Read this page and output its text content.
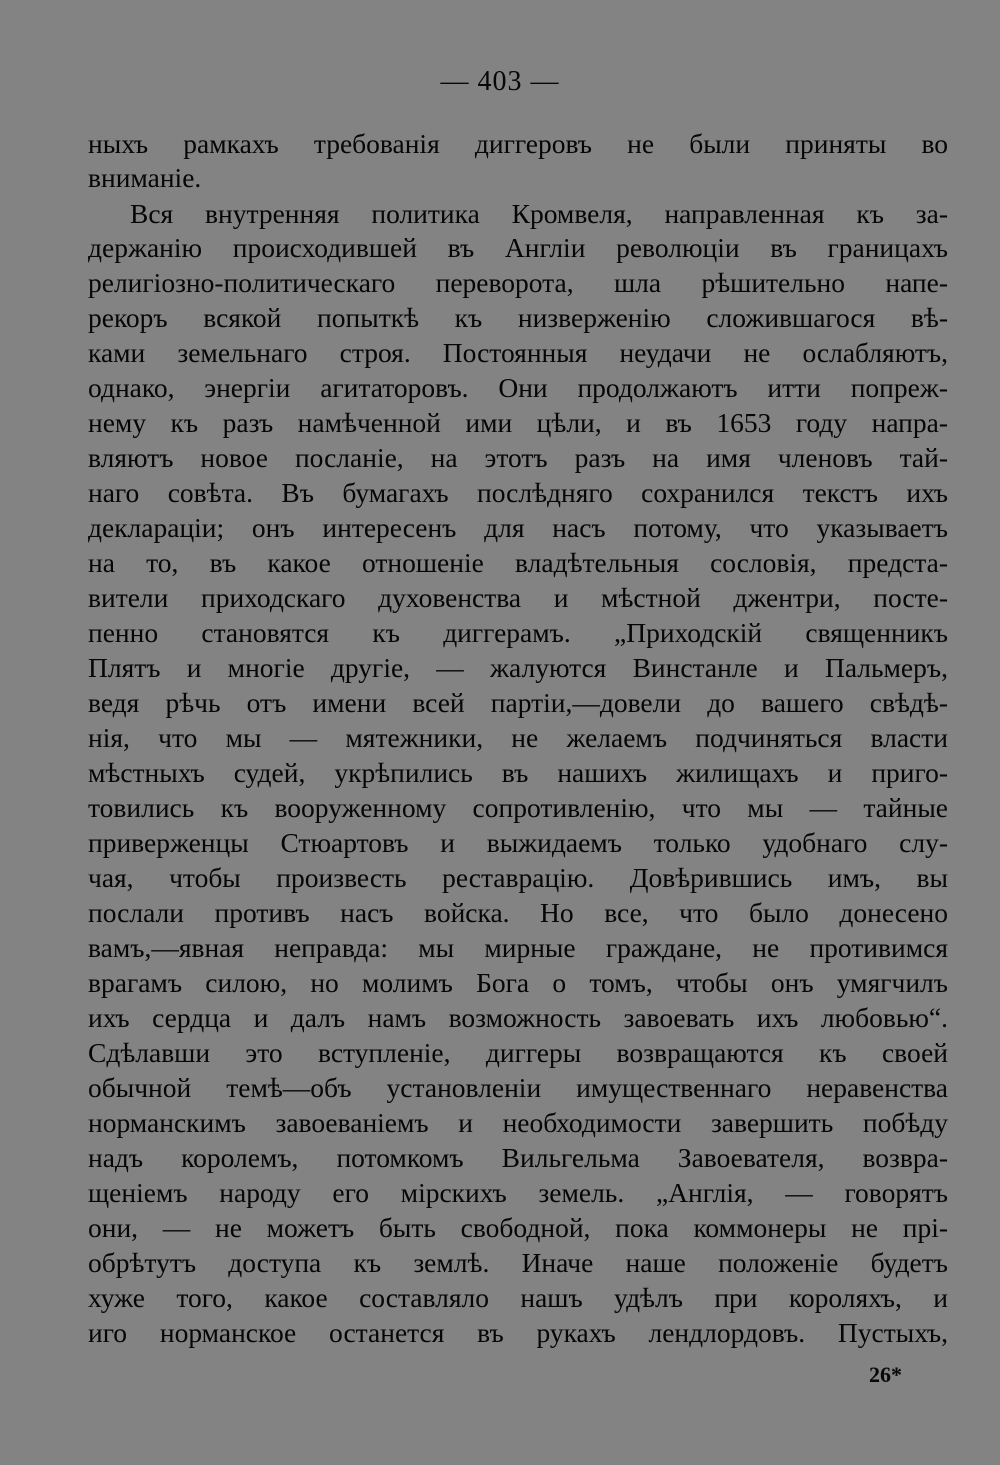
— 403 —
ныхъ рамкахъ требованія диггеровъ не были приняты во
вниманіе.
Вся внутренняя политика Кромвеля, направленная къ за-
держанію происходившей въ Англіи революціи въ границахъ
религіозно-политическаго переворота, шла рѣшительно напе-
рекоръ всякой попыткѣ къ низверженію сложившагося вѣ-
ками земельнаго строя. Постоянныя неудачи не ослабляютъ,
однако, энергіи агитаторовъ. Они продолжаютъ итти попреж-
нему къ разъ намѣченной ими цѣли, и въ 1653 году напра-
вляютъ новое посланіе, на этотъ разъ на имя членовъ тай-
наго совѣта. Въ бумагахъ послѣдняго сохранился текстъ ихъ
деклараціи; онъ интересенъ для насъ потому, что указываетъ
на то, въ какое отношеніе владѣтельныя сословія, предста-
вители приходскаго духовенства и мѣстной джентри, посте-
пенно становятся къ диггерамъ. „Приходскій священникъ
Плятъ и многіе другіе, — жалуются Винстанле и Пальмеръ,
ведя рѣчь отъ имени всей партіи,—довели до вашего свѣдѣ-
нія, что мы — мятежники, не желаемъ подчиняться власти
мѣстныхъ судей, укрѣпились въ нашихъ жилищахъ и приго-
товились къ вооруженному сопротивленію, что мы — тайные
приверженцы Стюартовъ и выжидаемъ только удобнаго слу-
чая, чтобы произвесть реставрацію. Довѣрившись имъ, вы
послали противъ насъ войска. Но все, что было донесено
вамъ,—явная неправда: мы мирные граждане, не противимся
врагамъ силою, но молимъ Бога о томъ, чтобы онъ умягчилъ
ихъ сердца и далъ намъ возможность завоевать ихъ любовью“.
Сдѣлавши это вступленіе, диггеры возвращаются къ своей
обычной темѣ—объ установленіи имущественнаго неравенства
норманскимъ завоеваніемъ и необходимости завершить побѣду
надъ королемъ, потомкомъ Вильгельма Завоевателя, возвра-
щеніемъ народу его мірскихъ земель. „Англія, — говорятъ
они, — не можетъ быть свободной, пока коммонеры не прі-
обрѣтутъ доступа къ землѣ. Иначе наше положеніе будетъ
хуже того, какое составляло нашъ удѣлъ при короляхъ, и
иго норманское останется въ рукахъ лендлордовъ. Пустыхъ,
26*
